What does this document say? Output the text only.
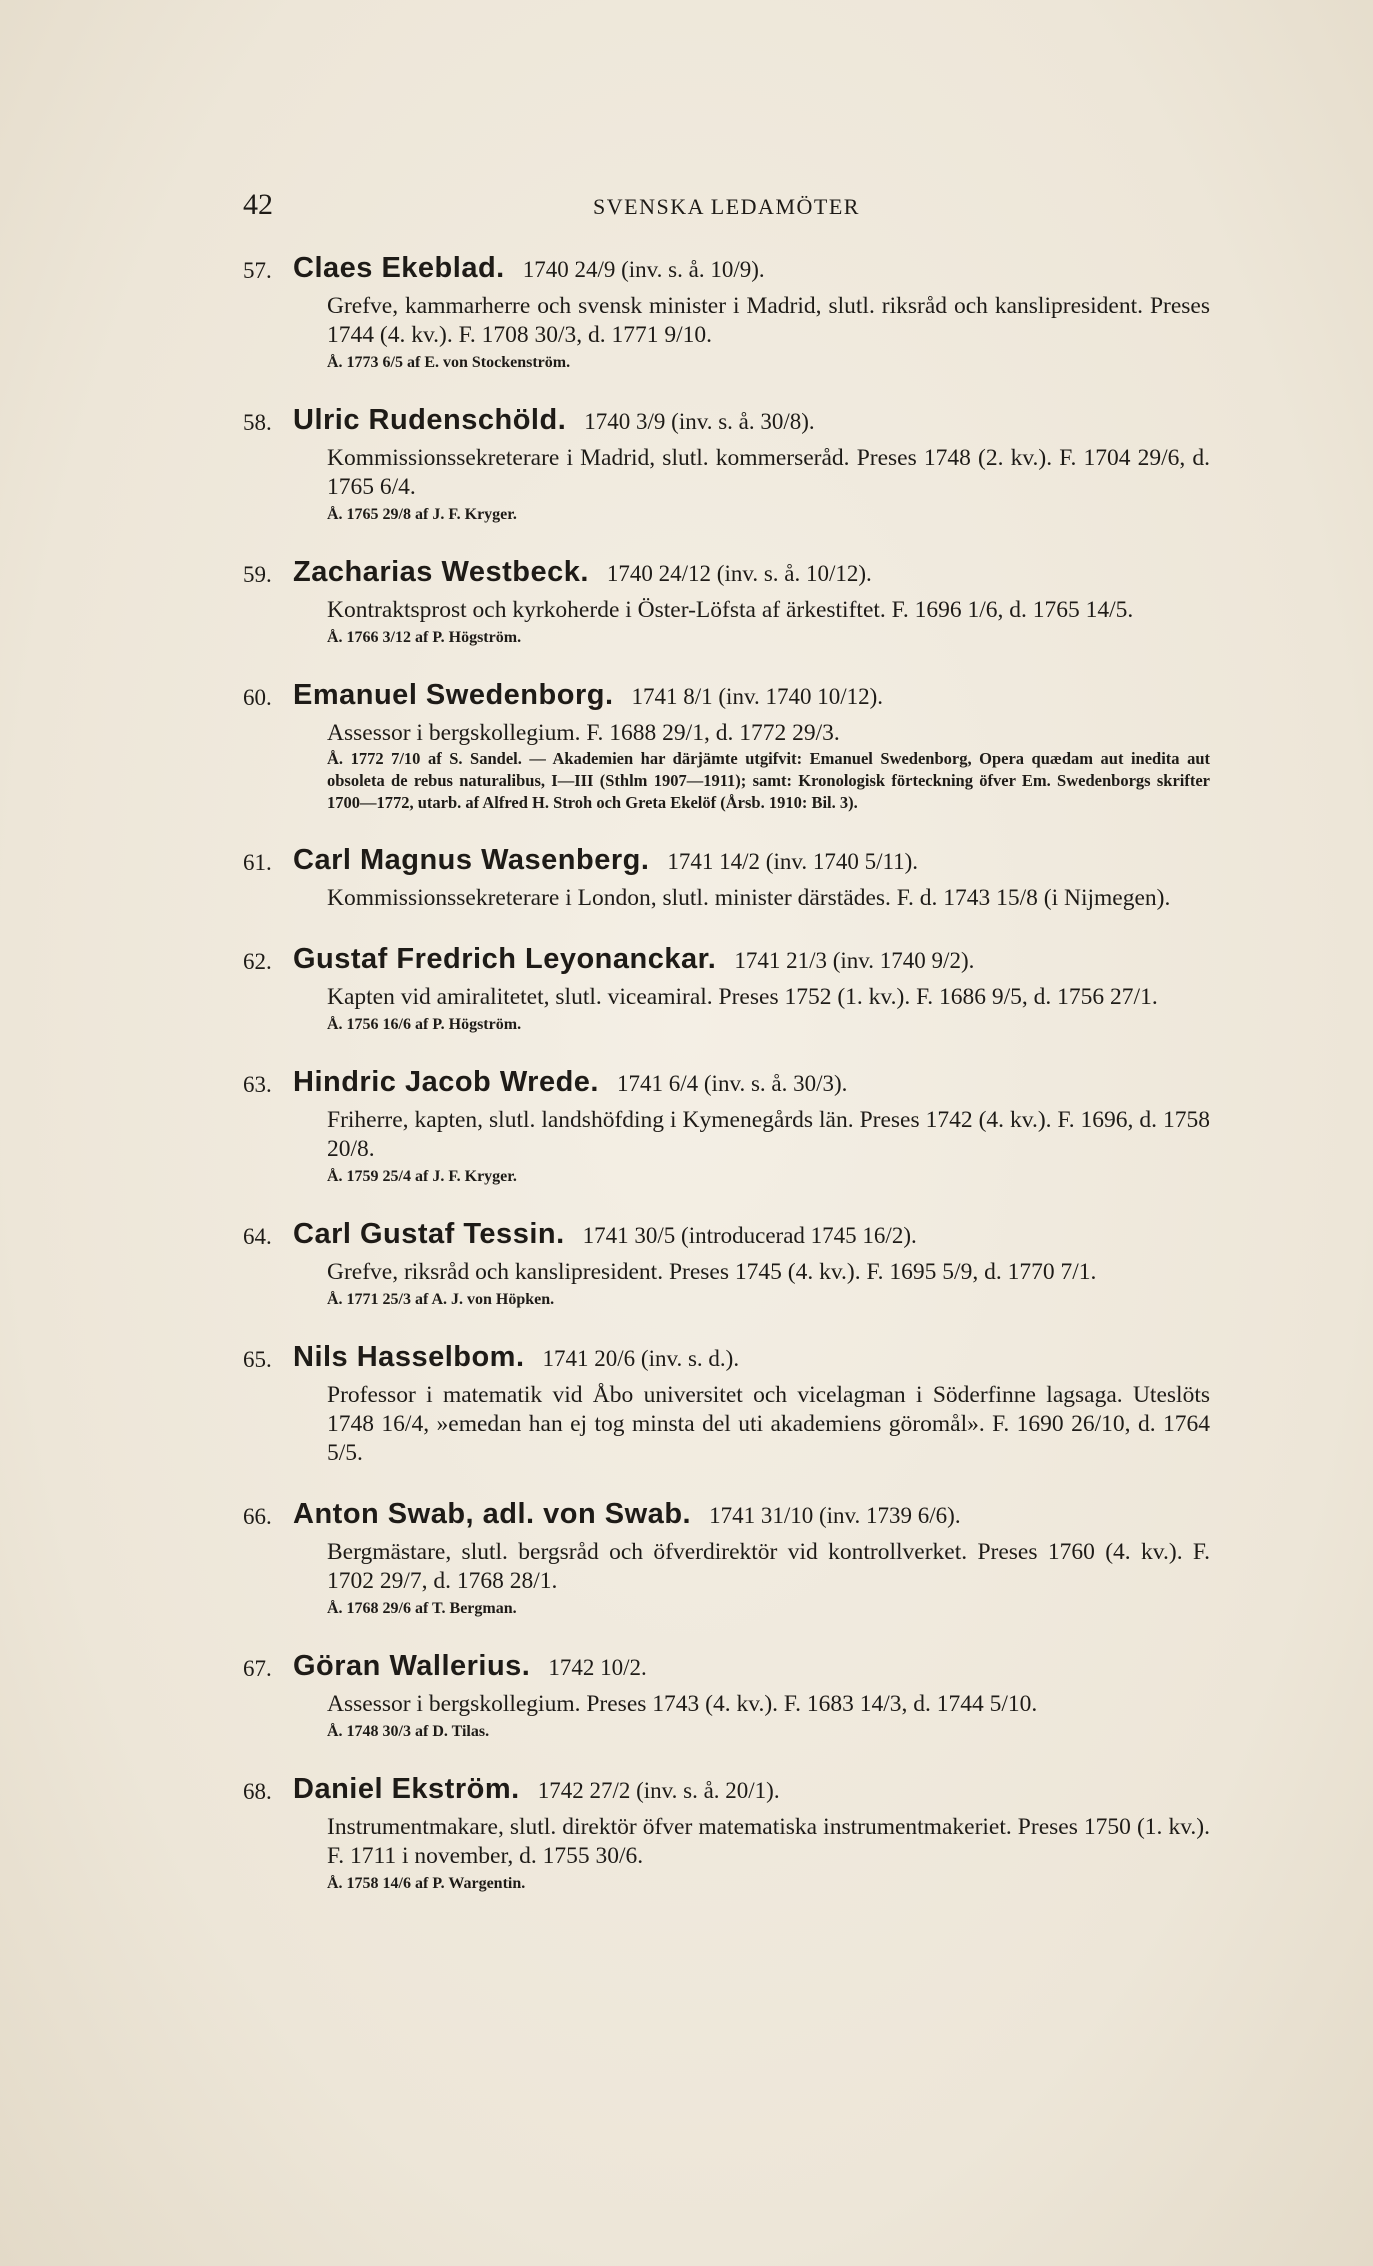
42	SVENSKA LEDAMÖTER
57. Claes Ekeblad. 1740 24/9 (inv. s. å. 10/9).
Grefve, kammarherre och svensk minister i Madrid, slutl. riksråd och kanslipresident. Preses 1744 (4. kv.). F. 1708 30/3, d. 1771 9/10.
Å. 1773 6/5 af E. von Stockenström.
58. Ulric Rudenschöld. 1740 3/9 (inv. s. å. 30/8).
Kommissionssekreterare i Madrid, slutl. kommerseråd. Preses 1748 (2. kv.). F. 1704 29/6, d. 1765 6/4.
Å. 1765 29/8 af J. F. Kryger.
59. Zacharias Westbeck. 1740 24/12 (inv. s. å. 10/12).
Kontraktsprost och kyrkoherde i Öster-Löfsta af ärkestiftet. F. 1696 1/6, d. 1765 14/5.
Å. 1766 3/12 af P. Högström.
60. Emanuel Swedenborg. 1741 8/1 (inv. 1740 10/12).
Assessor i bergskollegium. F. 1688 29/1, d. 1772 29/3.
Å. 1772 7/10 af S. Sandel. — Akademien har därjämte utgifvit: Emanuel Swedenborg, Opera quædam aut inedita aut obsoleta de rebus naturalibus, I—III (Sthlm 1907—1911); samt: Kronologisk förteckning öfver Em. Swedenborgs skrifter 1700—1772, utarb. af Alfred H. Stroh och Greta Ekelöf (Årsb. 1910: Bil. 3).
61. Carl Magnus Wasenberg. 1741 14/2 (inv. 1740 5/11).
Kommissionssekreterare i London, slutl. minister därstädes. F. d. 1743 15/8 (i Nijmegen).
62. Gustaf Fredrich Leyonanckar. 1741 21/3 (inv. 1740 9/2).
Kapten vid amiralitetet, slutl. viceamiral. Preses 1752 (1. kv.). F. 1686 9/5, d. 1756 27/1.
Å. 1756 16/6 af P. Högström.
63. Hindric Jacob Wrede. 1741 6/4 (inv. s. å. 30/3).
Friherre, kapten, slutl. landshöfding i Kymenegårds län. Preses 1742 (4. kv.). F. 1696, d. 1758 20/8.
Å. 1759 25/4 af J. F. Kryger.
64. Carl Gustaf Tessin. 1741 30/5 (introducerad 1745 16/2).
Grefve, riksråd och kanslipresident. Preses 1745 (4. kv.). F. 1695 5/9, d. 1770 7/1.
Å. 1771 25/3 af A. J. von Höpken.
65. Nils Hasselbom. 1741 20/6 (inv. s. d.).
Professor i matematik vid Åbo universitet och vicelagman i Söderfinne lagsaga. Uteslöts 1748 16/4, »emedan han ej tog minsta del uti akademiens göromål». F. 1690 26/10, d. 1764 5/5.
66. Anton Swab, adl. von Swab. 1741 31/10 (inv. 1739 6/6).
Bergmästare, slutl. bergsråd och öfverdirektör vid kontrollverket. Preses 1760 (4. kv.). F. 1702 29/7, d. 1768 28/1.
Å. 1768 29/6 af T. Bergman.
67. Göran Wallerius. 1742 10/2.
Assessor i bergskollegium. Preses 1743 (4. kv.). F. 1683 14/3, d. 1744 5/10.
Å. 1748 30/3 af D. Tilas.
68. Daniel Ekström. 1742 27/2 (inv. s. å. 20/1).
Instrumentmakare, slutl. direktör öfver matematiska instrumentmakeriet. Preses 1750 (1. kv.). F. 1711 i november, d. 1755 30/6.
Å. 1758 14/6 af P. Wargentin.
